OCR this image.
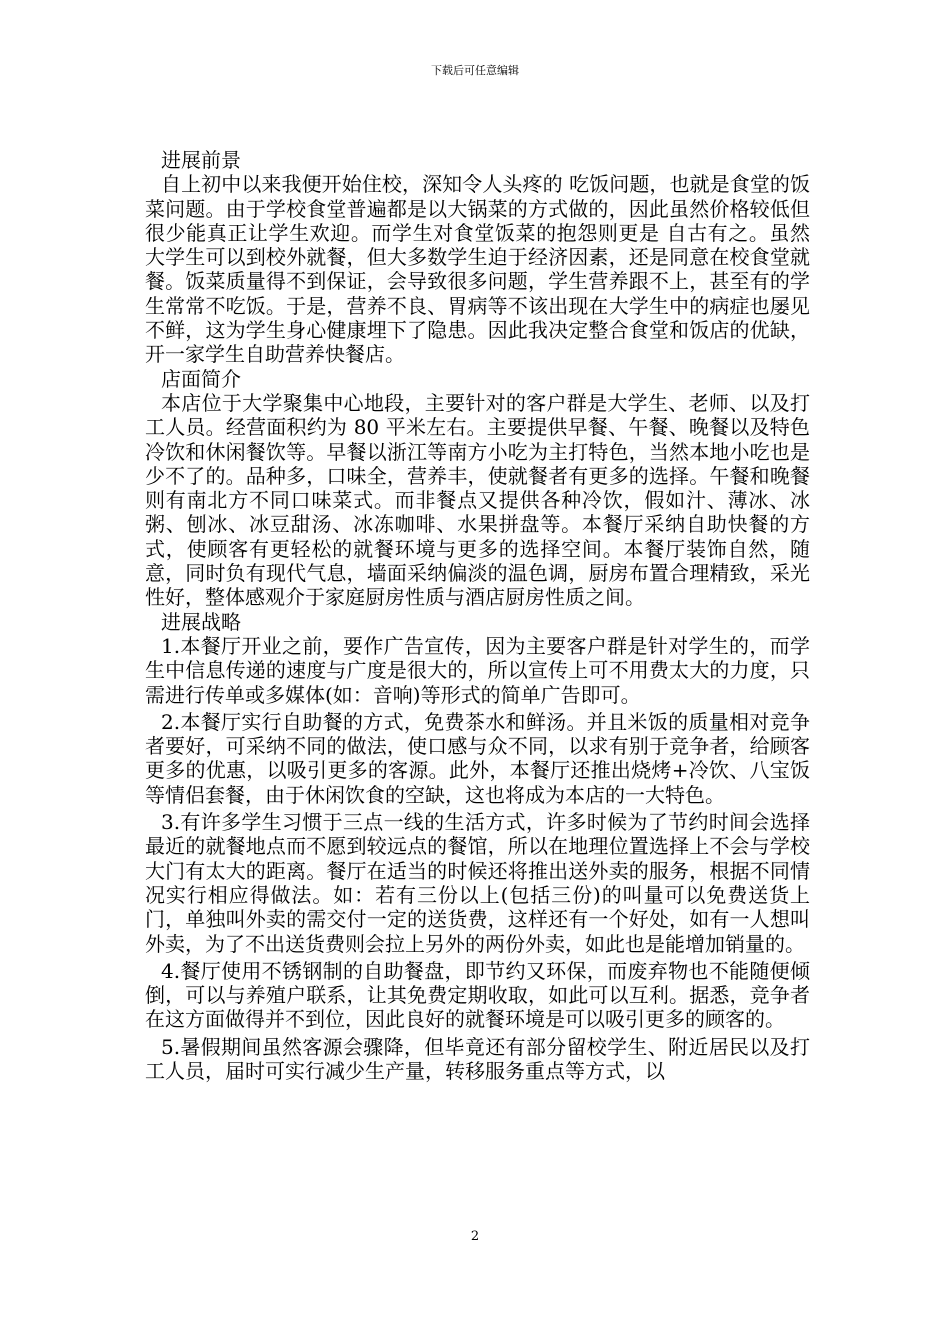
下载后可任意编辑

进展前景

自上初中以来我便开始住校，深知令人头疼的 吃饭问题，也就是食堂的饭菜问题。由于学校食堂普遍都是以大锅菜的方式做的，因此虽然价格较低但很少能真正让学生欢迎。而学生对食堂饭菜的抱怨则更是 自古有之。虽然大学生可以到校外就餐，但大多数学生迫于经济因素，还是同意在校食堂就餐。饭菜质量得不到保证，会导致很多问题，学生营养跟不上，甚至有的学生常常不吃饭。于是，营养不良、胃病等不该出现在大学生中的病症也屡见不鲜，这为学生身心健康埋下了隐患。因此我决定整合食堂和饭店的优缺，开一家学生自助营养快餐店。

店面简介

本店位于大学聚集中心地段，主要针对的客户群是大学生、老师、以及打工人员。经营面积约为 80 平米左右。主要提供早餐、午餐、晚餐以及特色冷饮和休闲餐饮等。早餐以浙江等南方小吃为主打特色，当然本地小吃也是少不了的。品种多，口味全，营养丰，使就餐者有更多的选择。午餐和晚餐则有南北方不同口味菜式。而非餐点又提供各种冷饮，假如汁、薄冰、冰粥、刨冰、冰豆甜汤、冰冻咖啡、水果拼盘等。本餐厅采纳自助快餐的方式，使顾客有更轻松的就餐环境与更多的选择空间。本餐厅装饰自然，随意，同时负有现代气息，墙面采纳偏淡的温色调，厨房布置合理精致，采光性好，整体感观介于家庭厨房性质与酒店厨房性质之间。

进展战略

1.本餐厅开业之前，要作广告宣传，因为主要客户群是针对学生的，而学生中信息传递的速度与广度是很大的，所以宣传上可不用费太大的力度，只需进行传单或多媒体(如：音响)等形式的简单广告即可。

2.本餐厅实行自助餐的方式，免费茶水和鲜汤。并且米饭的质量相对竞争者要好，可采纳不同的做法，使口感与众不同，以求有别于竞争者，给顾客更多的优惠，以吸引更多的客源。此外，本餐厅还推出烧烤+冷饮、八宝饭等情侣套餐，由于休闲饮食的空缺，这也将成为本店的一大特色。

3.有许多学生习惯于三点一线的生活方式，许多时候为了节约时间会选择最近的就餐地点而不愿到较远点的餐馆，所以在地理位置选择上不会与学校大门有太大的距离。餐厅在适当的时候还将推出送外卖的服务，根据不同情况实行相应得做法。如：若有三份以上(包括三份)的叫量可以免费送货上门，单独叫外卖的需交付一定的送货费，这样还有一个好处，如有一人想叫外卖，为了不出送货费则会拉上另外的两份外卖，如此也是能增加销量的。

4.餐厅使用不锈钢制的自助餐盘，即节约又环保，而废弃物也不能随便倾倒，可以与养殖户联系，让其免费定期收取，如此可以互利。据悉，竞争者在这方面做得并不到位，因此良好的就餐环境是可以吸引更多的顾客的。

5.暑假期间虽然客源会骤降，但毕竟还有部分留校学生、附近居民以及打工人员，届时可实行减少生产量，转移服务重点等方式，以

2
